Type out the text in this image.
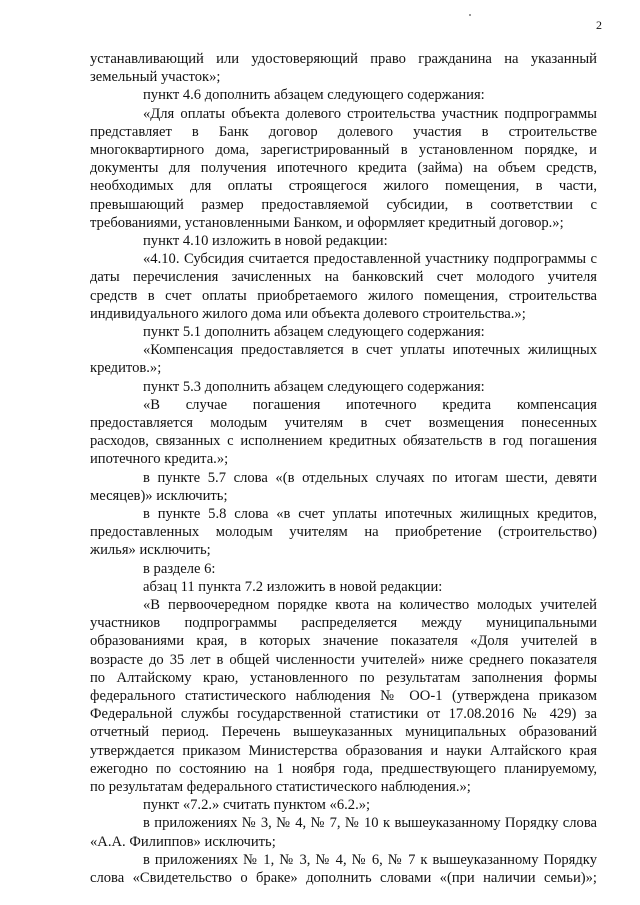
2
устанавливающий или удостоверяющий право гражданина на указанный
земельный участок»;
пункт 4.6 дополнить абзацем следующего содержания:
«Для оплаты объекта долевого строительства участник подпрограммы
представляет в Банк договор долевого участия в строительстве
многоквартирного дома, зарегистрированный в установленном порядке, и
документы для получения ипотечного кредита (займа) на объем средств,
необходимых для оплаты строящегося жилого помещения, в части,
превышающий размер предоставляемой субсидии, в соответствии с
требованиями, установленными Банком, и оформляет кредитный договор.»;
пункт 4.10 изложить в новой редакции:
«4.10. Субсидия считается предоставленной участнику подпрограммы с
даты перечисления зачисленных на банковский счет молодого учителя
средств в счет оплаты приобретаемого жилого помещения, строительства
индивидуального жилого дома или объекта долевого строительства.»;
пункт 5.1 дополнить абзацем следующего содержания:
«Компенсация предоставляется в счет уплаты ипотечных жилищных
кредитов.»;
пункт 5.3 дополнить абзацем следующего содержания:
«В случае погашения ипотечного кредита компенсация
предоставляется молодым учителям в счет возмещения понесенных
расходов, связанных с исполнением кредитных обязательств в год погашения
ипотечного кредита.»;
в пункте 5.7 слова «(в отдельных случаях по итогам шести, девяти
месяцев)» исключить;
в пункте 5.8 слова «в счет уплаты ипотечных жилищных кредитов,
предоставленных молодым учителям на приобретение (строительство)
жилья» исключить;
в разделе 6:
абзац 11 пункта 7.2 изложить в новой редакции:
«В первоочередном порядке квота на количество молодых учителей
участников подпрограммы распределяется между муниципальными
образованиями края, в которых значение показателя «Доля учителей в
возрасте до 35 лет в общей численности учителей» ниже среднего показателя
по Алтайскому краю, установленного по результатам заполнения формы
федерального статистического наблюдения № ОО-1 (утверждена приказом
Федеральной службы государственной статистики от 17.08.2016 № 429) за
отчетный период. Перечень вышеуказанных муниципальных образований
утверждается приказом Министерства образования и науки Алтайского края
ежегодно по состоянию на 1 ноября года, предшествующего планируемому,
по результатам федерального статистического наблюдения.»;
пункт «7.2.» считать пунктом «6.2.»;
в приложениях № 3, № 4, № 7, № 10 к вышеуказанному Порядку слова
«А.А. Филиппов» исключить;
в приложениях № 1, № 3, № 4, № 6, № 7 к вышеуказанному Порядку
слова «Свидетельство о браке» дополнить словами «(при наличии семьи)»;
